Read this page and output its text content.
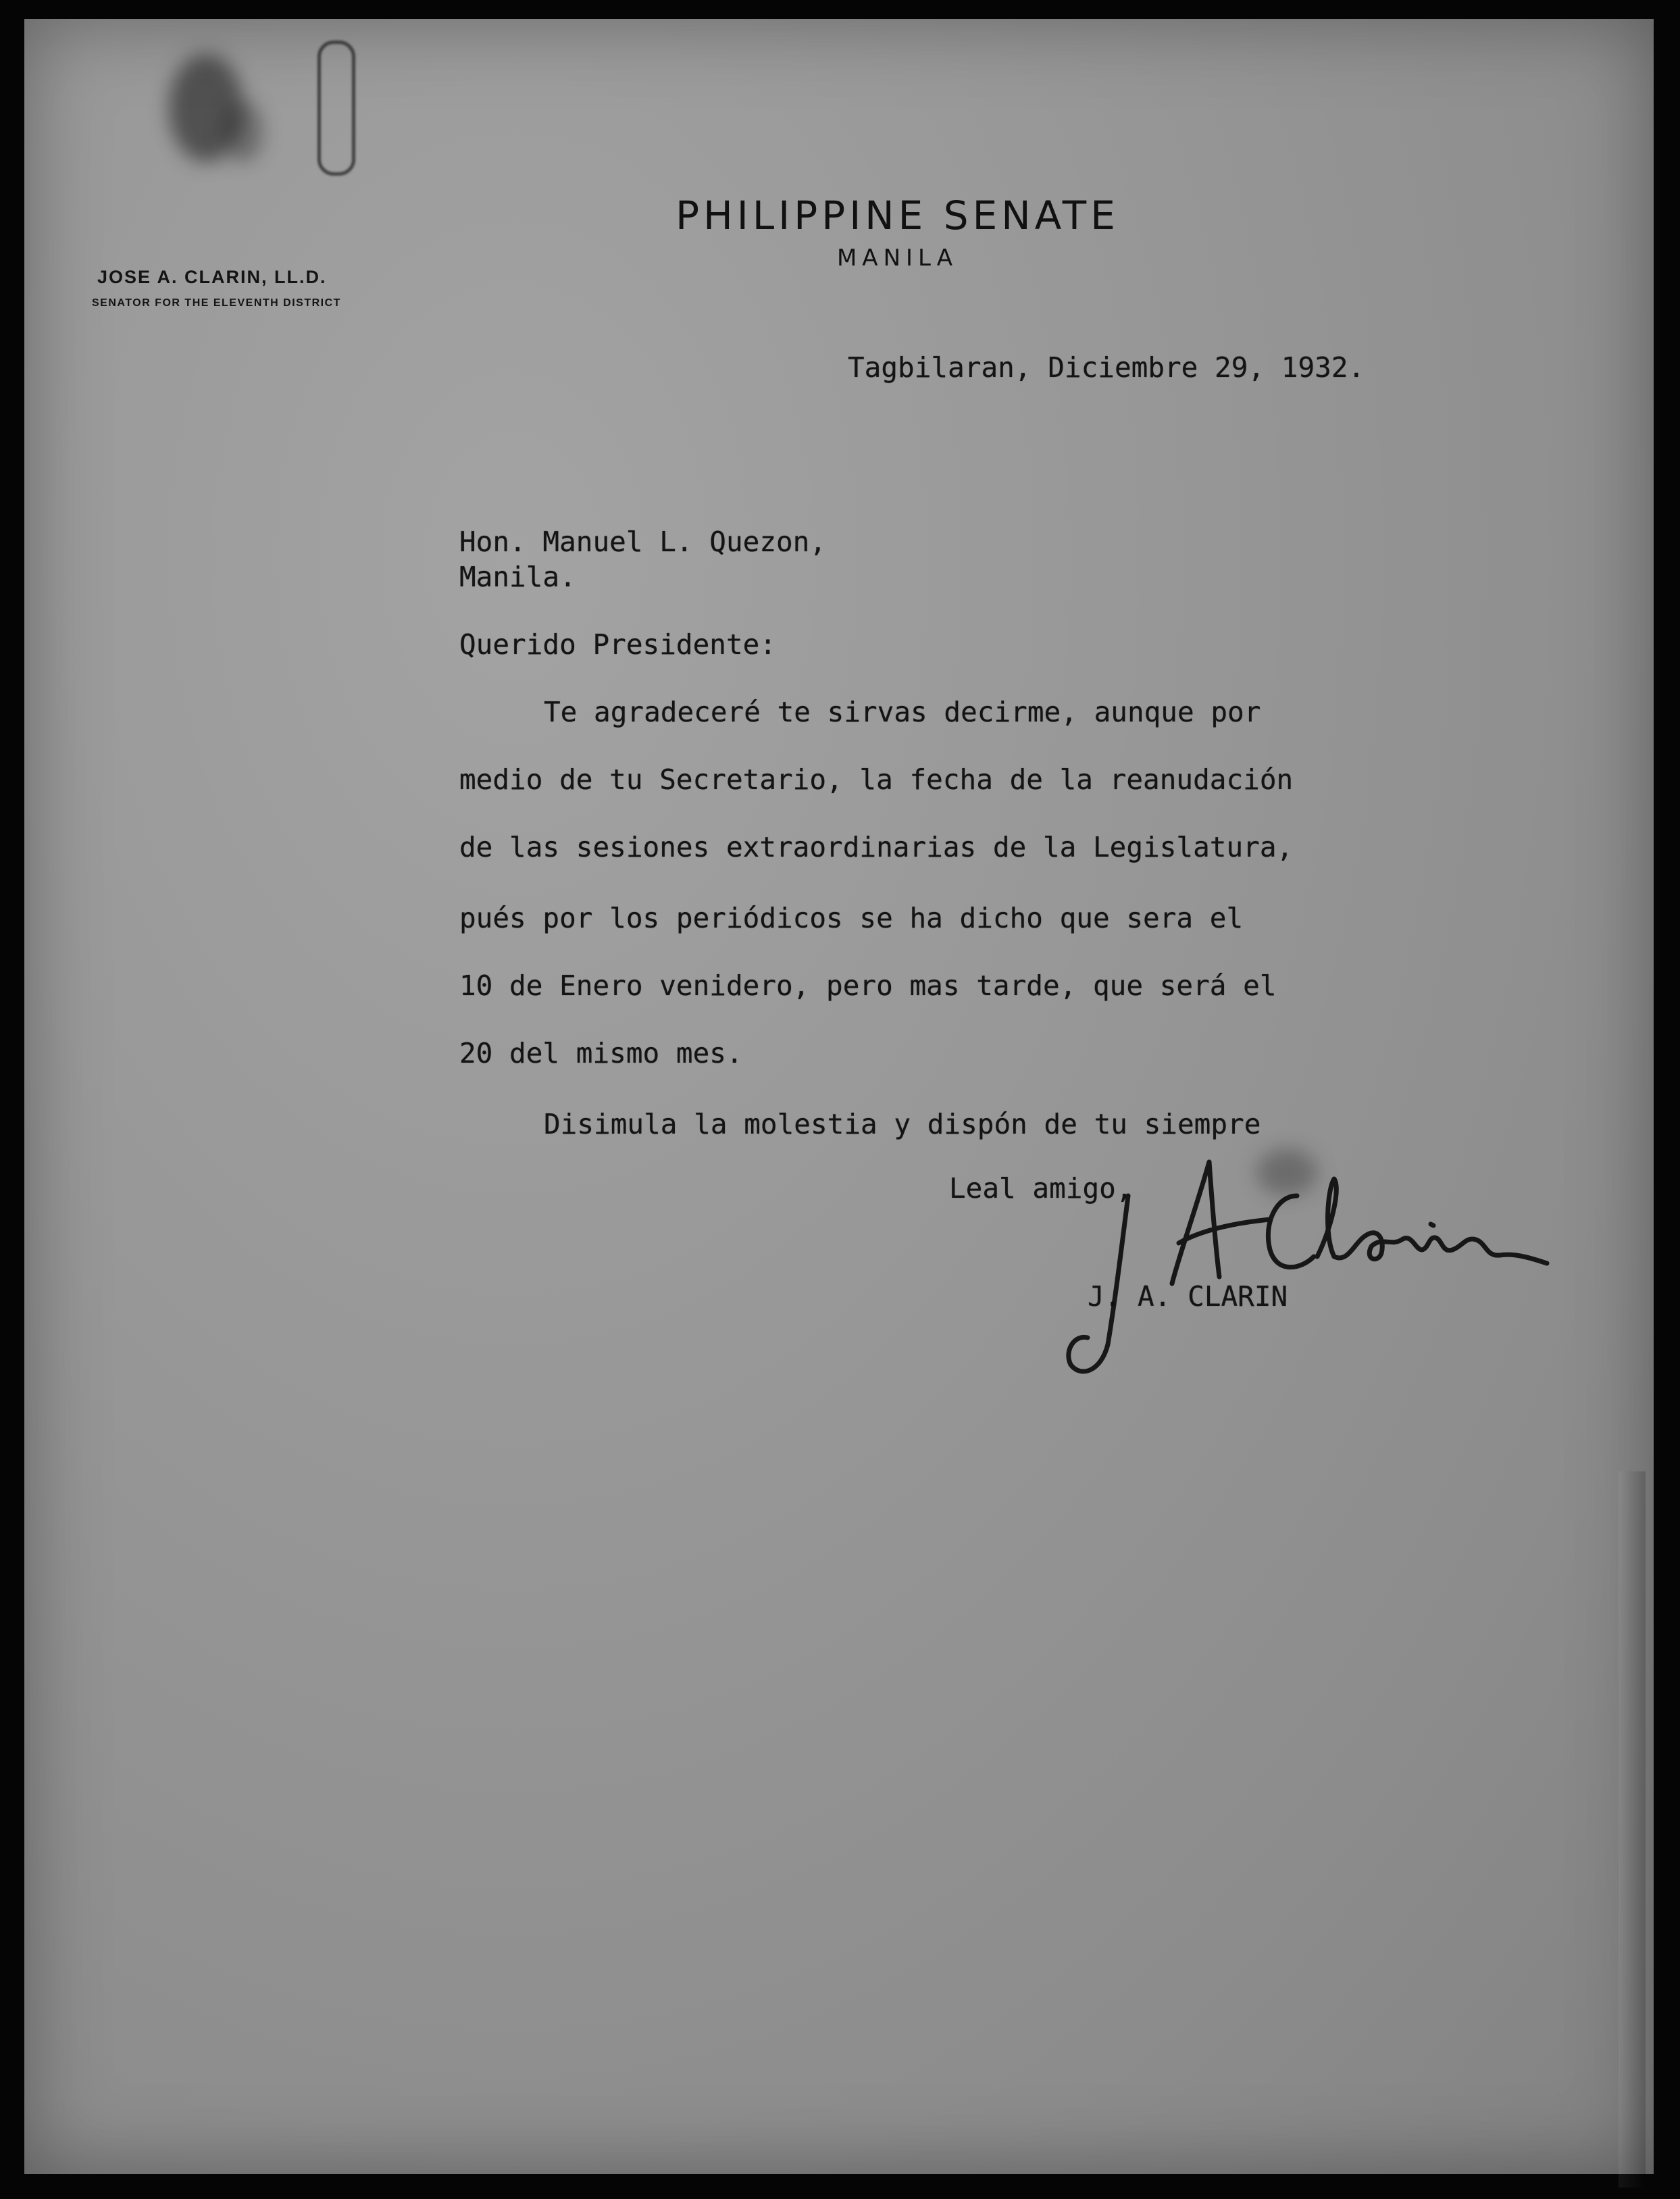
PHILIPPINE SENATE
MANILA
JOSE A. CLARIN, LL.D.
SENATOR FOR THE ELEVENTH DISTRICT
Tagbilaran, Diciembre 29, 1932.
Hon. Manuel L. Quezon,
Manila.
Querido Presidente:
Te agradeceré te sirvas decirme, aunque por
medio de tu Secretario, la fecha de la reanudación
de las sesiones extraordinarias de la Legislatura,
pués por los periódicos se ha dicho que sera el
10 de Enero venidero, pero mas tarde, que será el
20 del mismo mes.
Disimula la molestia y dispón de tu siempre
Leal amigo,
J. A. CLARIN
